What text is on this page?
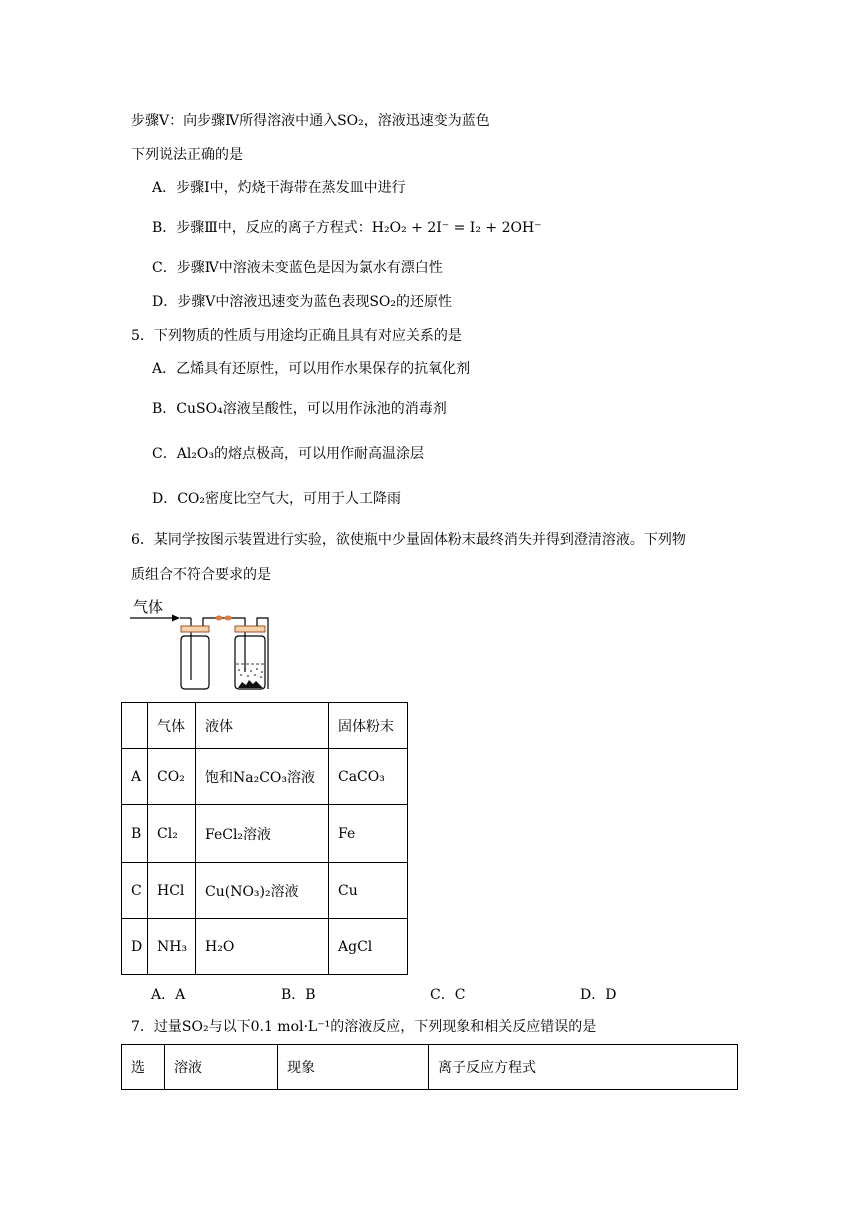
步骤Ⅴ：向步骤Ⅳ所得溶液中通入SO₂，溶液迅速变为蓝色
下列说法正确的是
A．步骤Ⅰ中，灼烧干海带在蒸发皿中进行
B．步骤Ⅲ中，反应的离子方程式：H₂O₂ + 2I⁻ = I₂ + 2OH⁻
C．步骤Ⅳ中溶液未变蓝色是因为氯水有漂白性
D．步骤Ⅴ中溶液迅速变为蓝色表现SO₂的还原性
5．下列物质的性质与用途均正确且具有对应关系的是
A．乙烯具有还原性，可以用作水果保存的抗氧化剂
B．CuSO₄溶液呈酸性，可以用作泳池的消毒剂
C．Al₂O₃的熔点极高，可以用作耐高温涂层
D．CO₂密度比空气大，可用于人工降雨
6．某同学按图示装置进行实验，欲使瓶中少量固体粉末最终消失并得到澄清溶液。下列物
质组合不符合要求的是
气体
	气体	液体	固体粉末
A	CO₂	饱和Na₂CO₃溶液	CaCO₃
B	Cl₂	FeCl₂溶液	Fe
C	HCl	Cu(NO₃)₂溶液	Cu
D	NH₃	H₂O	AgCl
A．A	B．B	C．C	D．D
7．过量SO₂与以下0.1 mol·L⁻¹的溶液反应，下列现象和相关反应错误的是
选	溶液	现象	离子反应方程式
